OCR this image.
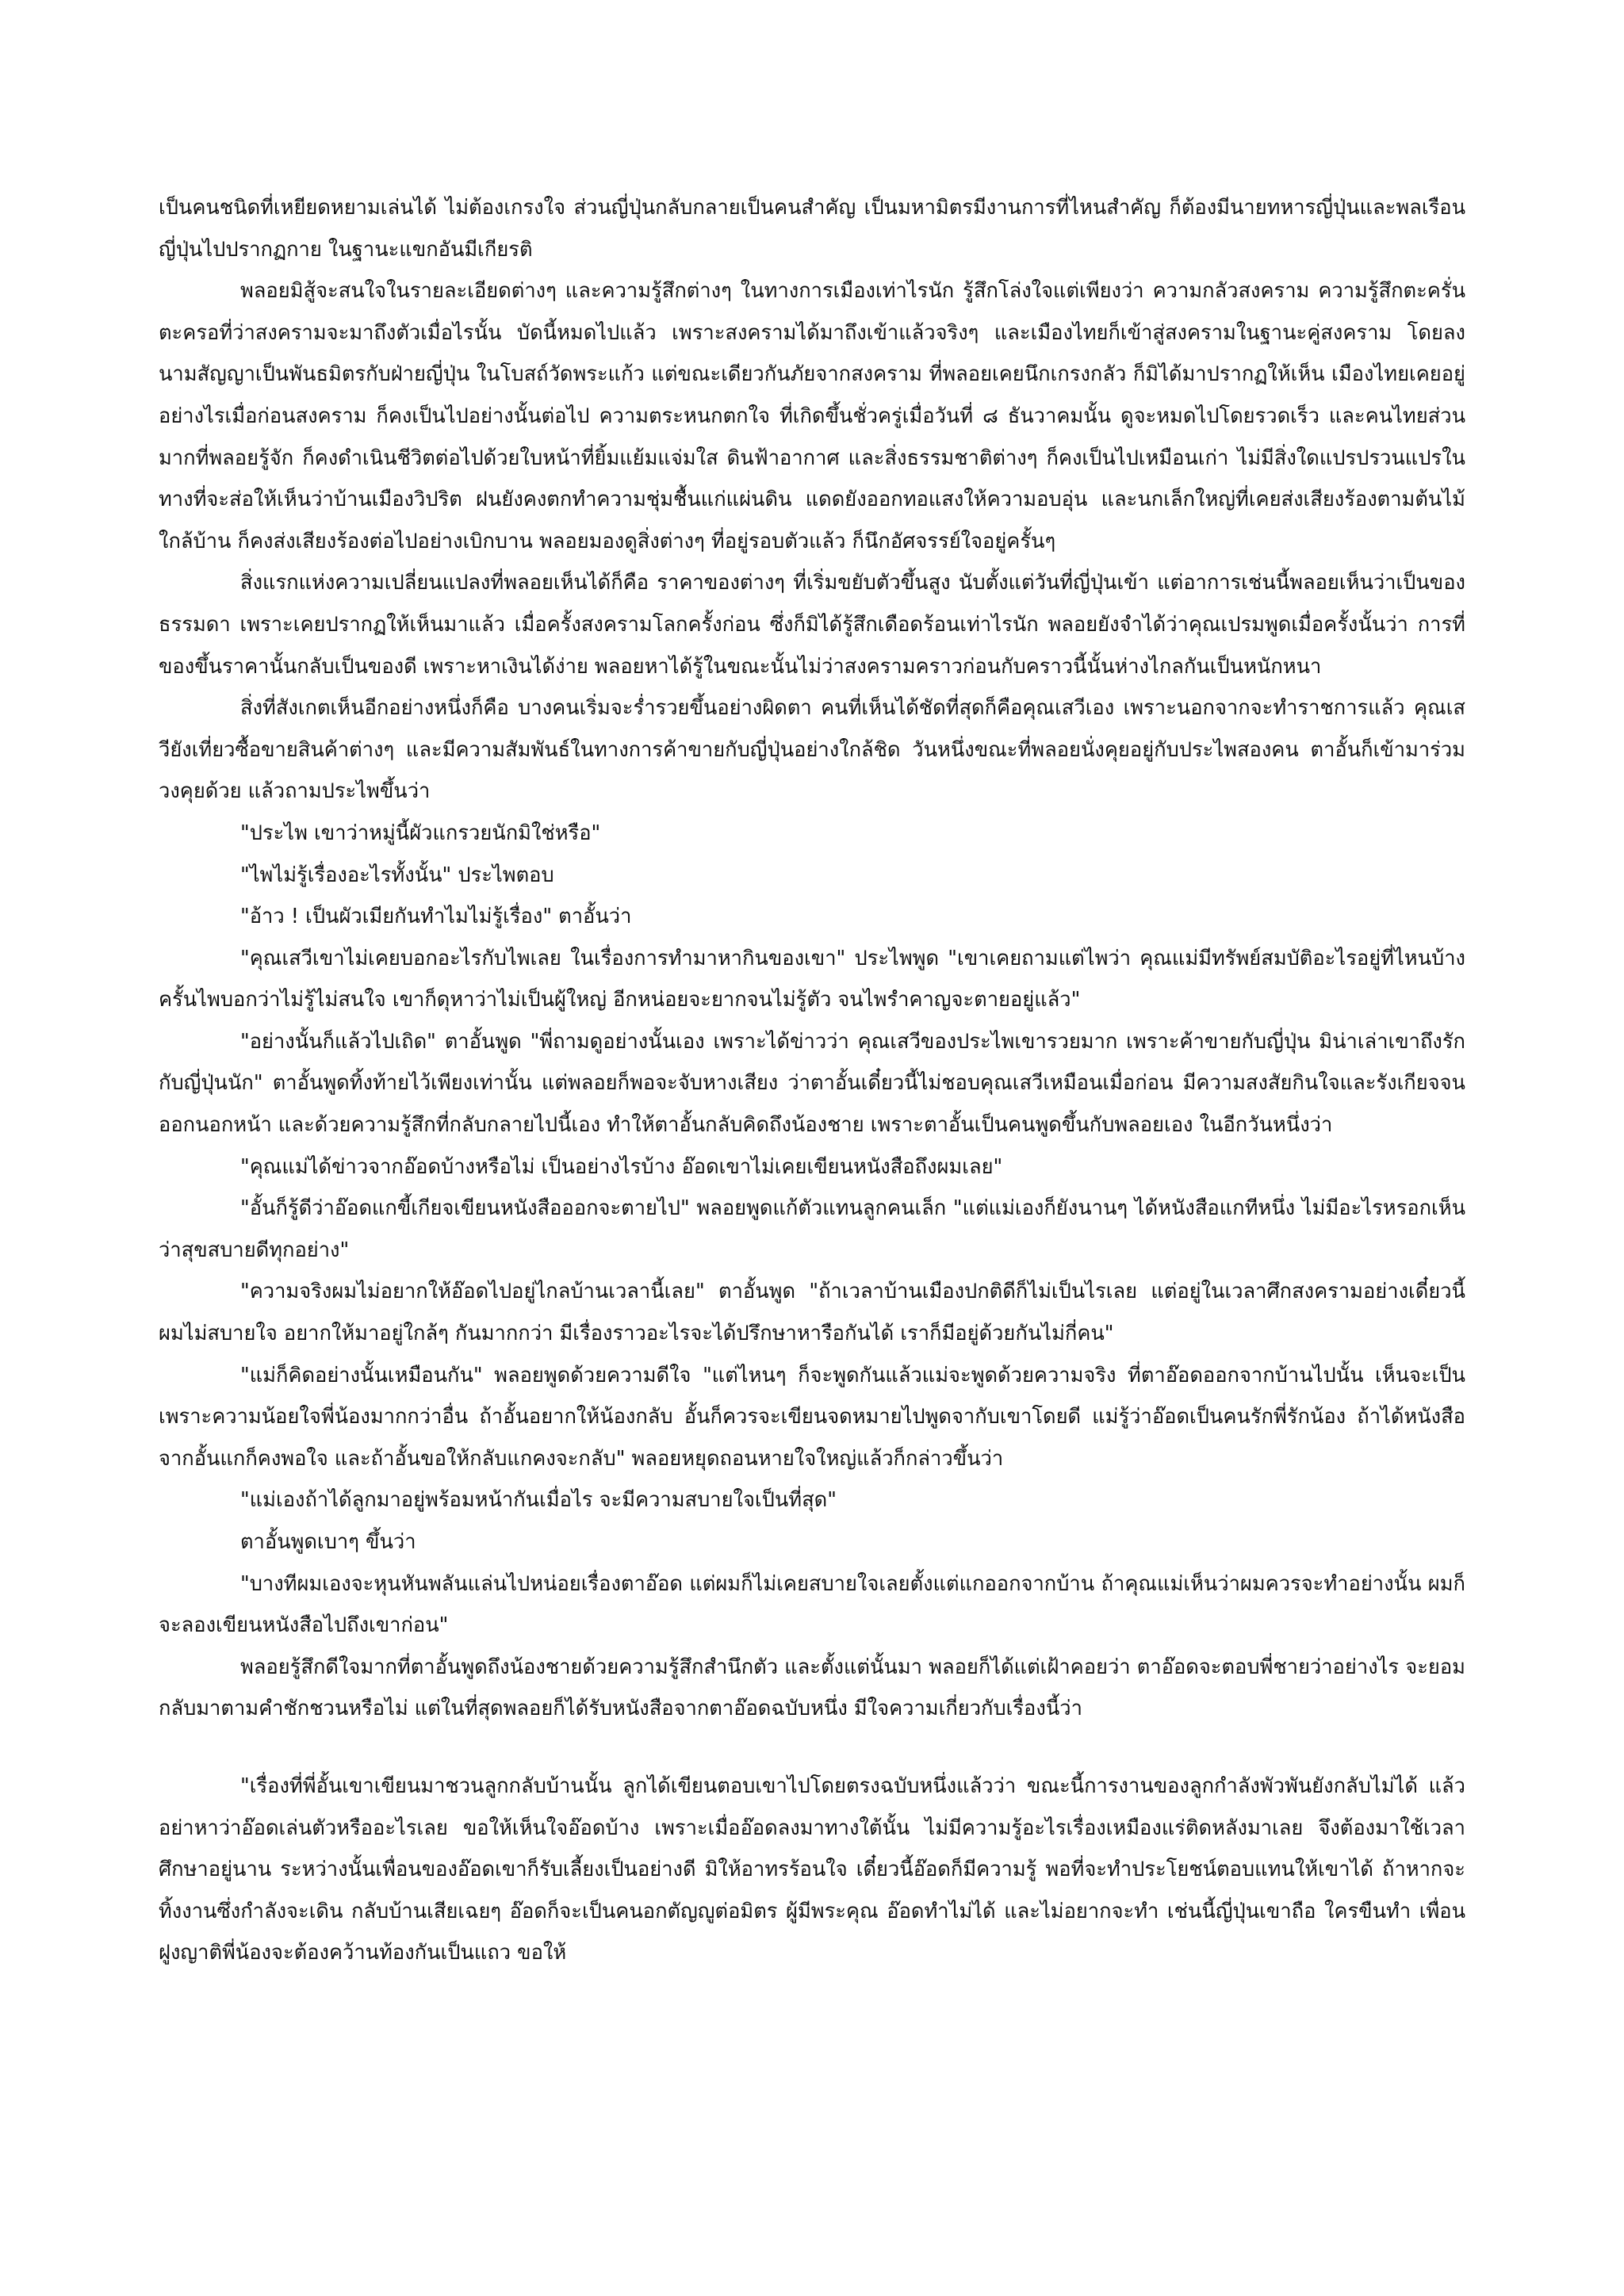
เป็นคนชนิดที่เหยียดหยามเล่นได้ ไม่ต้องเกรงใจ ส่วนญี่ปุ่นกลับกลายเป็นคนสำคัญ เป็นมหามิตรมีงานการที่ไหนสำคัญ ก็ต้องมีนายทหารญี่ปุ่นและพลเรือนญี่ปุ่นไปปรากฏกาย ในฐานะแขกอันมีเกียรติ

พลอยมิสู้จะสนใจในรายละเอียดต่างๆ และความรู้สึกต่างๆ ในทางการเมืองเท่าไรนัก รู้สึกโล่งใจแต่เพียงว่า ความกลัวสงคราม ความรู้สึกตะครั่นตะครอที่ว่าสงครามจะมาถึงตัวเมื่อไรนั้น บัดนี้หมดไปแล้ว เพราะสงครามได้มาถึงเข้าแล้วจริงๆ และเมืองไทยก็เข้าสู่สงครามในฐานะคู่สงคราม โดยลงนามสัญญาเป็นพันธมิตรกับฝ่ายญี่ปุ่น ในโบสถ์วัดพระแก้ว แต่ขณะเดียวกันภัยจากสงคราม ที่พลอยเคยนึกเกรงกลัว ก็มิได้มาปรากฏให้เห็น เมืองไทยเคยอยู่อย่างไรเมื่อก่อนสงคราม ก็คงเป็นไปอย่างนั้นต่อไป ความตระหนกตกใจ ที่เกิดขึ้นชั่วครู่เมื่อวันที่ ๘ ธันวาคมนั้น ดูจะหมดไปโดยรวดเร็ว และคนไทยส่วนมากที่พลอยรู้จัก ก็คงดำเนินชีวิตต่อไปด้วยใบหน้าที่ยิ้มแย้มแจ่มใส ดินฟ้าอากาศ และสิ่งธรรมชาติต่างๆ ก็คงเป็นไปเหมือนเก่า ไม่มีสิ่งใดแปรปรวนแปรในทางที่จะส่อให้เห็นว่าบ้านเมืองวิปริต ฝนยังคงตกทำความชุ่มชื้นแก่แผ่นดิน แดดยังออกทอแสงให้ความอบอุ่น และนกเล็กใหญ่ที่เคยส่งเสียงร้องตามต้นไม้ใกล้บ้าน ก็คงส่งเสียงร้องต่อไปอย่างเบิกบาน พลอยมองดูสิ่งต่างๆ ที่อยู่รอบตัวแล้ว ก็นึกอัศจรรย์ใจอยู่ครั้นๆ

สิ่งแรกแห่งความเปลี่ยนแปลงที่พลอยเห็นได้ก็คือ ราคาของต่างๆ ที่เริ่มขยับตัวขึ้นสูง นับตั้งแต่วันที่ญี่ปุ่นเข้า แต่อาการเช่นนี้พลอยเห็นว่าเป็นของธรรมดา เพราะเคยปรากฏให้เห็นมาแล้ว เมื่อครั้งสงครามโลกครั้งก่อน ซึ่งก็มิได้รู้สึกเดือดร้อนเท่าไรนัก พลอยยังจำได้ว่าคุณเปรมพูดเมื่อครั้งนั้นว่า การที่ของขึ้นราคานั้นกลับเป็นของดี เพราะหาเงินได้ง่าย พลอยหาได้รู้ในขณะนั้นไม่ว่าสงครามคราวก่อนกับคราวนี้นั้นห่างไกลกันเป็นหนักหนา

สิ่งที่สังเกตเห็นอีกอย่างหนึ่งก็คือ บางคนเริ่มจะร่ำรวยขึ้นอย่างผิดตา คนที่เห็นได้ชัดที่สุดก็คือคุณเสวีเอง เพราะนอกจากจะทำราชการแล้ว คุณเสวียังเที่ยวซื้อขายสินค้าต่างๆ และมีความสัมพันธ์ในทางการค้าขายกับญี่ปุ่นอย่างใกล้ชิด วันหนึ่งขณะที่พลอยนั่งคุยอยู่กับประไพสองคน ตาอั้นก็เข้ามาร่วมวงคุยด้วย แล้วถามประไพขึ้นว่า

"ประไพ เขาว่าหมู่นี้ผัวแกรวยนักมิใช่หรือ"

"ไพไม่รู้เรื่องอะไรทั้งนั้น" ประไพตอบ

"อ้าว ! เป็นผัวเมียกันทำไมไม่รู้เรื่อง" ตาอั้นว่า

"คุณเสวีเขาไม่เคยบอกอะไรกับไพเลย ในเรื่องการทำมาหากินของเขา" ประไพพูด "เขาเคยถามแต่ไพว่า คุณแม่มีทรัพย์สมบัติอะไรอยู่ที่ไหนบ้าง ครั้นไพบอกว่าไม่รู้ไม่สนใจ เขาก็ดุหาว่าไม่เป็นผู้ใหญ่ อีกหน่อยจะยากจนไม่รู้ตัว จนไพรำคาญจะตายอยู่แล้ว"

"อย่างนั้นก็แล้วไปเถิด" ตาอั้นพูด "พี่ถามดูอย่างนั้นเอง เพราะได้ข่าวว่า คุณเสวีของประไพเขารวยมาก เพราะค้าขายกับญี่ปุ่น มิน่าเล่าเขาถึงรักกับญี่ปุ่นนัก" ตาอั้นพูดทิ้งท้ายไว้เพียงเท่านั้น แต่พลอยก็พอจะจับหางเสียง ว่าตาอั้นเดี๋ยวนี้ไม่ชอบคุณเสวีเหมือนเมื่อก่อน มีความสงสัยกินใจและรังเกียจจนออกนอกหน้า และด้วยความรู้สึกที่กลับกลายไปนี้เอง ทำให้ตาอั้นกลับคิดถึงน้องชาย เพราะตาอั้นเป็นคนพูดขึ้นกับพลอยเอง ในอีกวันหนึ่งว่า

"คุณแม่ได้ข่าวจากอ๊อดบ้างหรือไม่ เป็นอย่างไรบ้าง อ๊อดเขาไม่เคยเขียนหนังสือถึงผมเลย"

"อั้นก็รู้ดีว่าอ๊อดแกขี้เกียจเขียนหนังสือออกจะตายไป" พลอยพูดแก้ตัวแทนลูกคนเล็ก "แต่แม่เองก็ยังนานๆ ได้หนังสือแกทีหนึ่ง ไม่มีอะไรหรอกเห็นว่าสุขสบายดีทุกอย่าง"

"ความจริงผมไม่อยากให้อ๊อดไปอยู่ไกลบ้านเวลานี้เลย" ตาอั้นพูด "ถ้าเวลาบ้านเมืองปกติดีก็ไม่เป็นไรเลย แต่อยู่ในเวลาศึกสงครามอย่างเดี๋ยวนี้ ผมไม่สบายใจ อยากให้มาอยู่ใกล้ๆ กันมากกว่า มีเรื่องราวอะไรจะได้ปรึกษาหารือกันได้ เราก็มีอยู่ด้วยกันไม่กี่คน"

"แม่ก็คิดอย่างนั้นเหมือนกัน" พลอยพูดด้วยความดีใจ "แต่ไหนๆ ก็จะพูดกันแล้วแม่จะพูดด้วยความจริง ที่ตาอ๊อดออกจากบ้านไปนั้น เห็นจะเป็นเพราะความน้อยใจพี่น้องมากกว่าอื่น ถ้าอั้นอยากให้น้องกลับ อั้นก็ควรจะเขียนจดหมายไปพูดจากับเขาโดยดี แม่รู้ว่าอ๊อดเป็นคนรักพี่รักน้อง ถ้าได้หนังสือจากอั้นแกก็คงพอใจ และถ้าอั้นขอให้กลับแกคงจะกลับ" พลอยหยุดถอนหายใจใหญ่แล้วก็กล่าวขึ้นว่า

"แม่เองถ้าได้ลูกมาอยู่พร้อมหน้ากันเมื่อไร จะมีความสบายใจเป็นที่สุด"

ตาอั้นพูดเบาๆ ขึ้นว่า

"บางทีผมเองจะหุนหันพลันแล่นไปหน่อยเรื่องตาอ๊อด แต่ผมก็ไม่เคยสบายใจเลยตั้งแต่แกออกจากบ้าน ถ้าคุณแม่เห็นว่าผมควรจะทำอย่างนั้น ผมก็จะลองเขียนหนังสือไปถึงเขาก่อน"

พลอยรู้สึกดีใจมากที่ตาอั้นพูดถึงน้องชายด้วยความรู้สึกสำนึกตัว และตั้งแต่นั้นมา พลอยก็ได้แต่เฝ้าคอยว่า ตาอ๊อดจะตอบพี่ชายว่าอย่างไร จะยอมกลับมาตามคำชักชวนหรือไม่ แต่ในที่สุดพลอยก็ได้รับหนังสือจากตาอ๊อดฉบับหนึ่ง มีใจความเกี่ยวกับเรื่องนี้ว่า

"เรื่องที่พี่อั้นเขาเขียนมาชวนลูกกลับบ้านนั้น ลูกได้เขียนตอบเขาไปโดยตรงฉบับหนึ่งแล้วว่า ขณะนี้การงานของลูกกำลังพัวพันยังกลับไม่ได้ แล้วอย่าหาว่าอ๊อดเล่นตัวหรืออะไรเลย ขอให้เห็นใจอ๊อดบ้าง เพราะเมื่ออ๊อดลงมาทางใต้นั้น ไม่มีความรู้อะไรเรื่องเหมืองแร่ติดหลังมาเลย จึงต้องมาใช้เวลาศึกษาอยู่นาน ระหว่างนั้นเพื่อนของอ๊อดเขาก็รับเลี้ยงเป็นอย่างดี มิให้อาทรร้อนใจ เดี๋ยวนี้อ๊อดก็มีความรู้ พอที่จะทำประโยชน์ตอบแทนให้เขาได้ ถ้าหากจะทิ้งงานซึ่งกำลังจะเดิน กลับบ้านเสียเฉยๆ อ๊อดก็จะเป็นคนอกตัญญูต่อมิตร ผู้มีพระคุณ อ๊อดทำไม่ได้ และไม่อยากจะทำ เช่นนี้ญี่ปุ่นเขาถือ ใครขืนทำ เพื่อนฝูงญาติพี่น้องจะต้องคว้านท้องกันเป็นแถว ขอให้
